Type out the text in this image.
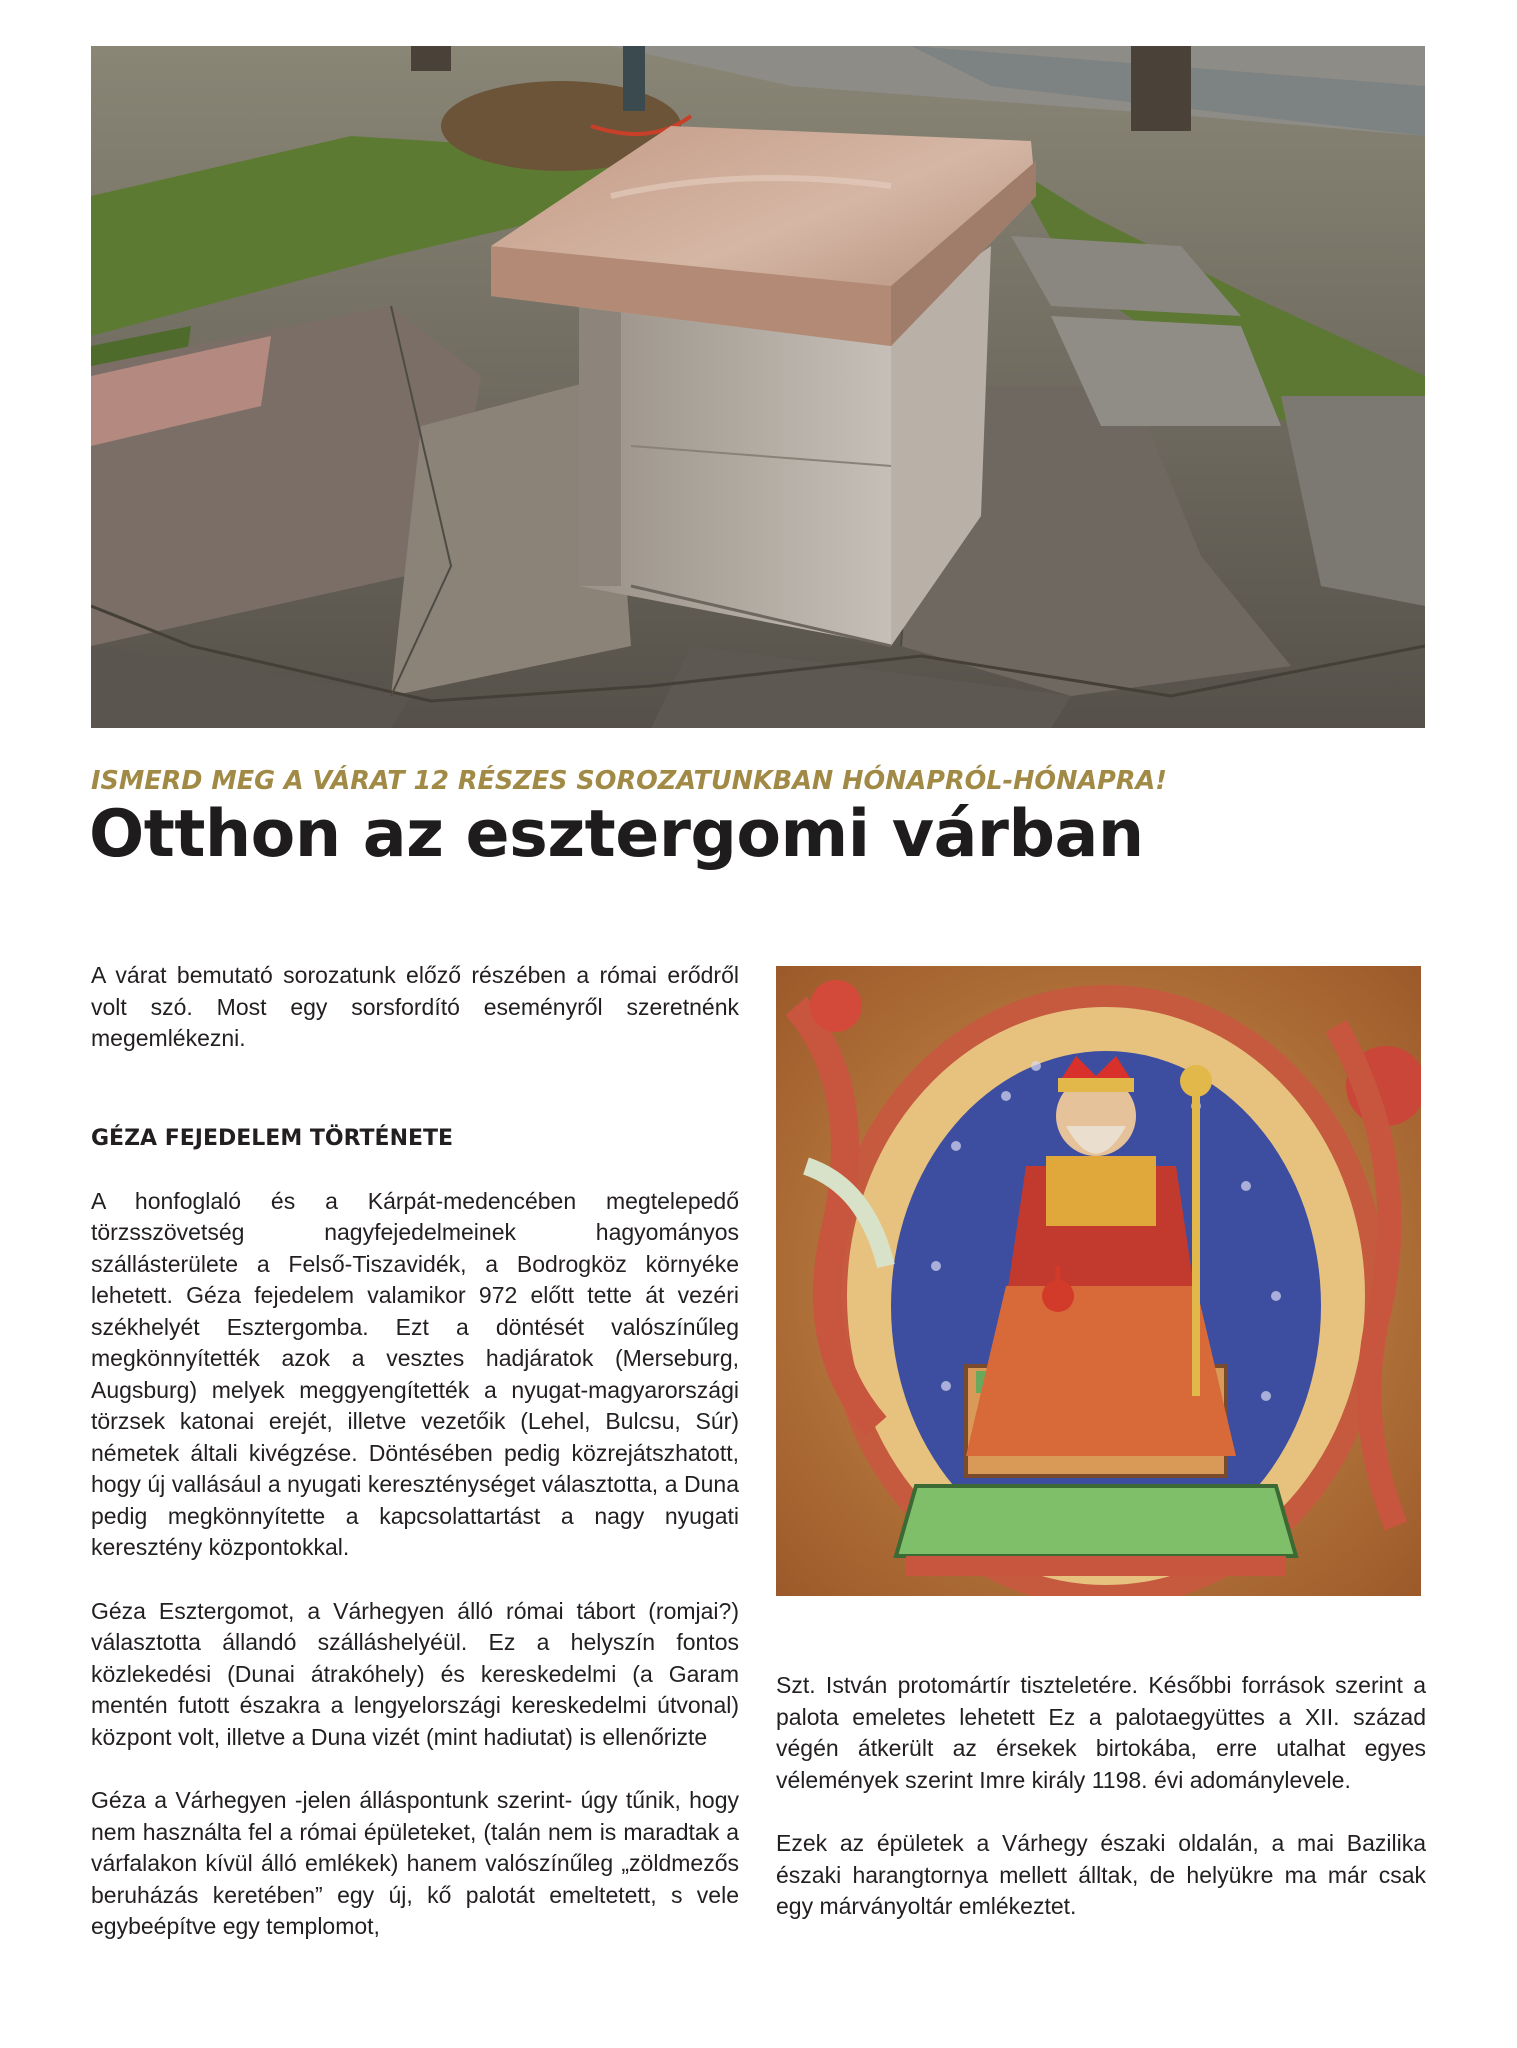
ISMERD MEG A VÁRAT 12 RÉSZES SOROZATUNKBAN HÓNAPRÓL-HÓNAPRA!
Otthon az esztergomi várban

A várat bemutató sorozatunk előző részében a római erődről volt szó. Most egy sorsfordító eseményről szeretnénk megemlékezni.

GÉZA FEJEDELEM TÖRTÉNETE

A honfoglaló és a Kárpát-medencében megtelepedő törzsszövetség nagyfejedelmeinek hagyományos szállásterülete a Felső-Tiszavidék, a Bodrogköz környéke lehetett. Géza fejedelem valamikor 972 előtt tette át vezéri székhelyét Esztergomba. Ezt a döntését valószínűleg megkönnyítették azok a vesztes hadjáratok (Merseburg, Augsburg) melyek meggyengítették a nyugat-magyarországi törzsek katonai erejét, illetve vezetőik (Lehel, Bulcsu, Súr) németek általi kivégzése. Döntésében pedig közrejátszhatott, hogy új vallásául a nyugati kereszténységet választotta, a Duna pedig megkönnyítette a kapcsolattartást a nagy nyugati keresztény központokkal.

Géza Esztergomot, a Várhegyen álló római tábort (romjai?) választotta állandó szálláshelyéül. Ez a helyszín fontos közlekedési (Dunai átrakóhely) és kereskedelmi (a Garam mentén futott északra a lengyelországi kereskedelmi útvonal) központ volt, illetve a Duna vizét (mint hadiutat) is ellenőrizte

Géza a Várhegyen -jelen álláspontunk szerint- úgy tűnik, hogy nem használta fel a római épületeket, (talán nem is maradtak a várfalakon kívül álló emlékek) hanem valószínűleg „zöldmezős beruházás keretében” egy új, kő palotát emeltetett, s vele egybeépítve egy templomot,

Szt. István protomártír tiszteletére. Későbbi források szerint a palota emeletes lehetett Ez a palotaegyüttes a XII. század végén átkerült az érsekek birtokába, erre utalhat egyes vélemények szerint Imre király 1198. évi adománylevele.

Ezek az épületek a Várhegy északi oldalán, a mai Bazilika északi harangtornya mellett álltak, de helyükre ma már csak egy márványoltár emlékeztet.
